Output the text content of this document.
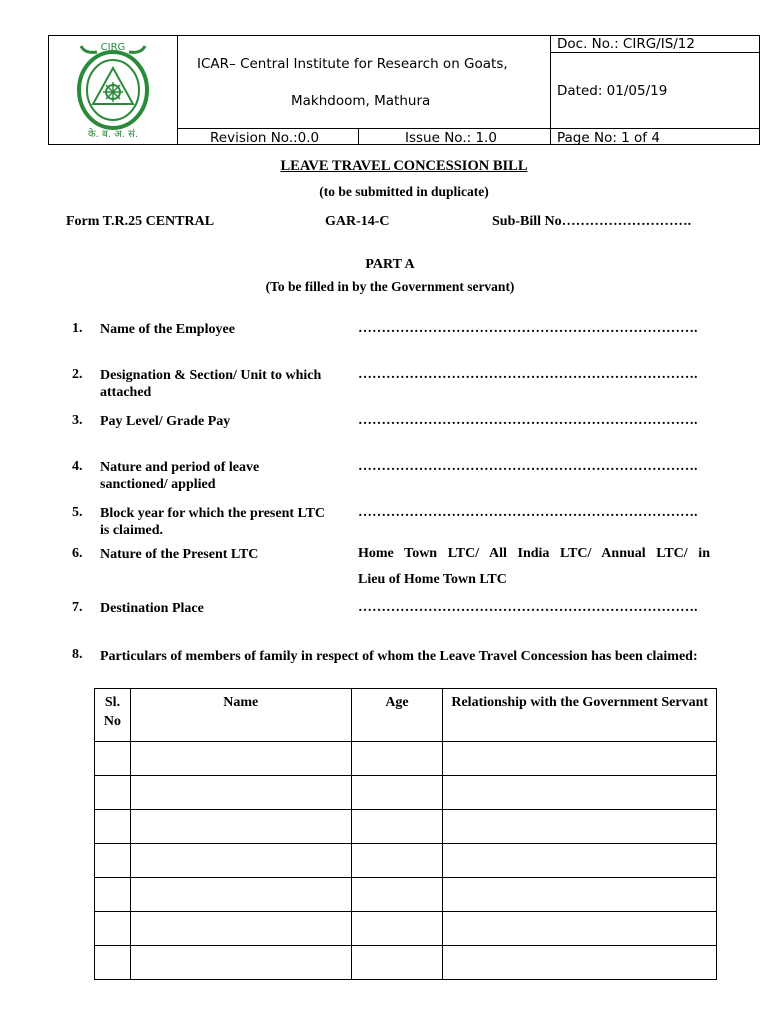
CIRG
के. ब. अ. सं.
ICAR– Central Institute for Research on Goats,
Makhdoom, Mathura
Doc. No.: CIRG/IS/12
Dated: 01/05/19
Revision No.:0.0	Issue No.: 1.0	Page No: 1 of 4
LEAVE TRAVEL CONCESSION BILL
(to be submitted in duplicate)
Form T.R.25 CENTRAL	GAR-14-C	Sub-Bill No……………………….
PART A
(To be filled in by the Government servant)
1. Name of the Employee	……………………………………………………………….
2. Designation & Section/ Unit to which attached
……………………………………………………………….
3. Pay Level/ Grade Pay	……………………………………………………………….
4. Nature and period of leave sanctioned/ applied
……………………………………………………………….
5. Block year for which the present LTC is claimed.
……………………………………………………………….
6. Nature of the Present LTC	Home Town LTC/ All India LTC/ Annual LTC/ in
Lieu of Home Town LTC
7. Destination Place	……………………………………………………………….
8. Particulars of members of family in respect of whom the Leave Travel Concession has been claimed:
Sl. No	Name	Age	Relationship with the Government Servant
